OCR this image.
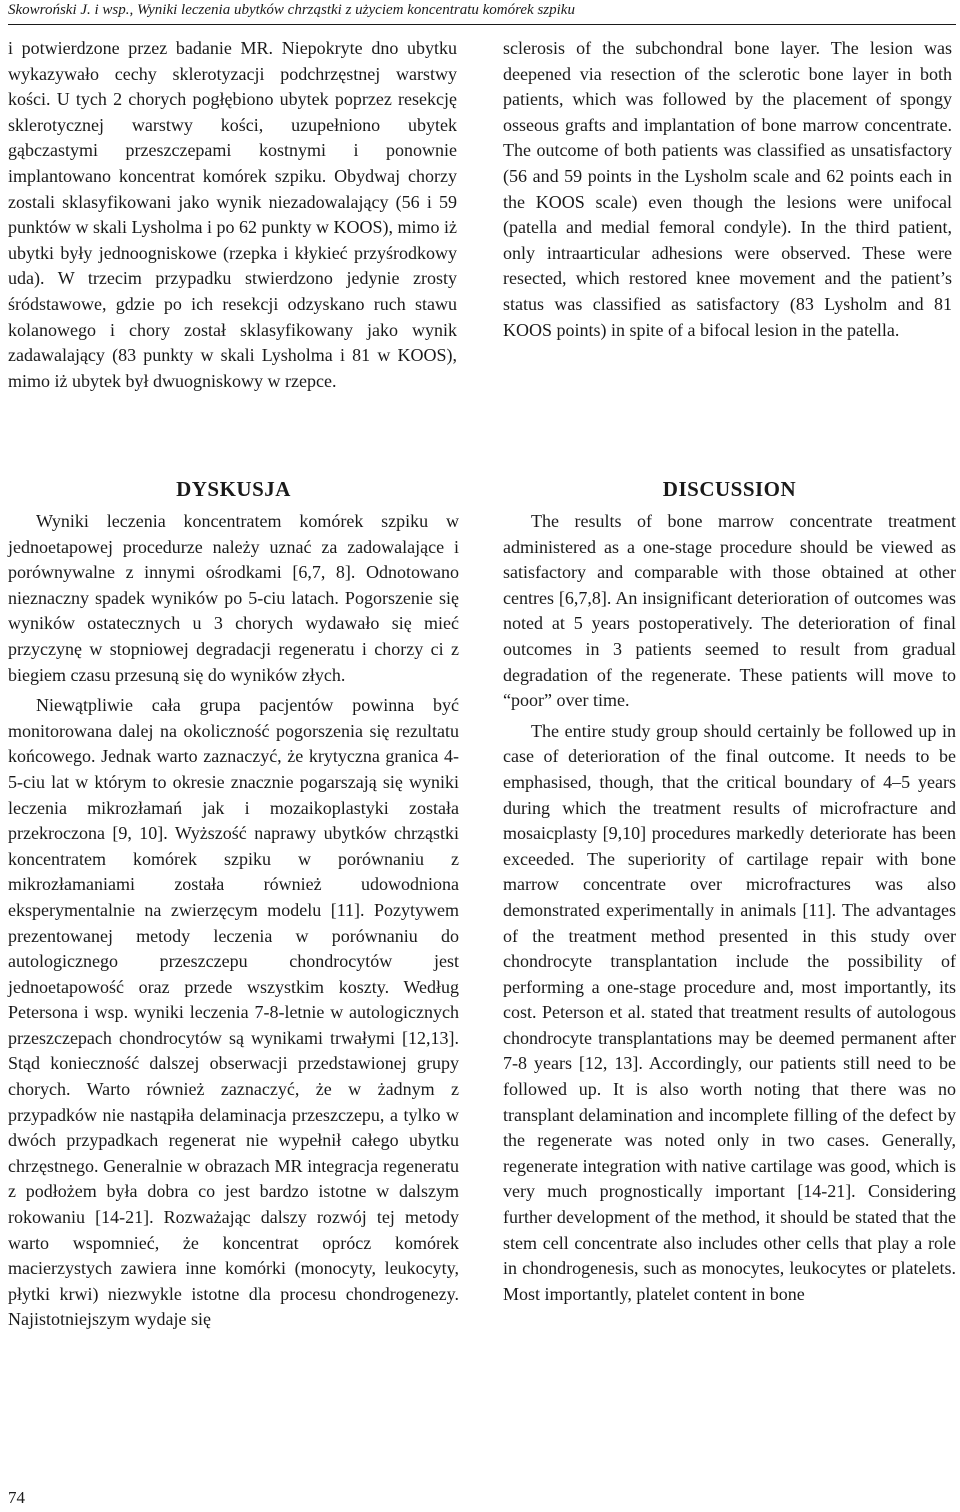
Skowroński J. i wsp., Wyniki leczenia ubytków chrząstki z użyciem koncentratu komórek szpiku

i potwierdzone przez badanie MR. Niepokryte dno ubytku wykazywało cechy sklerotyzacji podchrzęstnej warstwy kości. U tych 2 chorych pogłębiono ubytek poprzez resekcję sklerotycznej warstwy kości, uzupełniono ubytek gąbczastymi przeszczepami kostnymi i ponownie implantowano koncentrat komórek szpiku. Obydwaj chorzy zostali sklasyfikowani jako wynik niezadowalający (56 i 59 punktów w skali Lysholma i po 62 punkty w KOOS), mimo iż ubytki były jednoogniskowe (rzepka i kłykieć przyśrodkowy uda). W trzecim przypadku stwierdzono jedynie zrosty śródstawowe, gdzie po ich resekcji odzyskano ruch stawu kolanowego i chory został sklasyfikowany jako wynik zadawalający (83 punkty w skali Lysholma i 81 w KOOS), mimo iż ubytek był dwuogniskowy w rzepce.

sclerosis of the subchondral bone layer. The lesion was deepened via resection of the sclerotic bone layer in both patients, which was followed by the placement of spongy osseous grafts and implantation of bone marrow concentrate. The outcome of both patients was classified as unsatisfactory (56 and 59 points in the Lysholm scale and 62 points each in the KOOS scale) even though the lesions were unifocal (patella and medial femoral condyle). In the third patient, only intraarticular adhesions were observed. These were resected, which restored knee movement and the patient’s status was classified as satisfactory (83 Lysholm and 81 KOOS points) in spite of a bifocal lesion in the patella.

DYSKUSJA

Wyniki leczenia koncentratem komórek szpiku w jednoetapowej procedurze należy uznać za zadowalające i porównywalne z innymi ośrodkami [6,7, 8]. Odnotowano nieznaczny spadek wyników po 5-ciu latach. Pogorszenie się wyników ostatecznych u 3 chorych wydawało się mieć przyczynę w stopniowej degradacji regeneratu i chorzy ci z biegiem czasu przesuną się do wyników złych.

Niewątpliwie cała grupa pacjentów powinna być monitorowana dalej na okoliczność pogorszenia się rezultatu końcowego. Jednak warto zaznaczyć, że krytyczna granica 4-5-ciu lat w którym to okresie znacznie pogarszają się wyniki leczenia mikrozłamań jak i mozaikoplastyki została przekroczona [9, 10]. Wyższość naprawy ubytków chrząstki koncentratem komórek szpiku w porównaniu z mikrozłamaniami została również udowodniona eksperymentalnie na zwierzęcym modelu [11]. Pozytywem prezentowanej metody leczenia w porównaniu do autologicznego przeszczepu chondrocytów jest jednoetapowość oraz przede wszystkim koszty. Według Petersona i wsp. wyniki leczenia 7-8-letnie w autologicznych przeszczepach chondrocytów są wynikami trwałymi [12,13]. Stąd konieczność dalszej obserwacji przedstawionej grupy chorych. Warto również zaznaczyć, że w żadnym z przypadków nie nastąpiła delaminacja przeszczepu, a tylko w dwóch przypadkach regenerat nie wypełnił całego ubytku chrzęstnego. Generalnie w obrazach MR integracja regeneratu z podłożem była dobra co jest bardzo istotne w dalszym rokowaniu [14-21]. Rozważając dalszy rozwój tej metody warto wspomnieć, że koncentrat oprócz komórek macierzystych zawiera inne komórki (monocyty, leukocyty, płytki krwi) niezwykle istotne dla procesu chondrogenezy. Najistotniejszym wydaje się

DISCUSSION

The results of bone marrow concentrate treatment administered as a one-stage procedure should be viewed as satisfactory and comparable with those obtained at other centres [6,7,8]. An insignificant deterioration of outcomes was noted at 5 years postoperatively. The deterioration of final outcomes in 3 patients seemed to result from gradual degradation of the regenerate. These patients will move to “poor” over time.

The entire study group should certainly be followed up in case of deterioration of the final outcome. It needs to be emphasised, though, that the critical boundary of 4–5 years during which the treatment results of microfracture and mosaicplasty [9,10] procedures markedly deteriorate has been exceeded. The superiority of cartilage repair with bone marrow concentrate over microfractures was also demonstrated experimentally in animals [11]. The advantages of the treatment method presented in this study over chondrocyte transplantation include the possibility of performing a one-stage procedure and, most importantly, its cost. Peterson et al. stated that treatment results of autologous chondrocyte transplantations may be deemed permanent after 7-8 years [12, 13]. Accordingly, our patients still need to be followed up. It is also worth noting that there was no transplant delamination and incomplete filling of the defect by the regenerate was noted only in two cases. Generally, regenerate integration with native cartilage was good, which is very much prognostically important [14-21]. Considering further development of the method, it should be stated that the stem cell concentrate also includes other cells that play a role in chondrogenesis, such as monocytes, leukocytes or platelets. Most importantly, platelet content in bone

74
